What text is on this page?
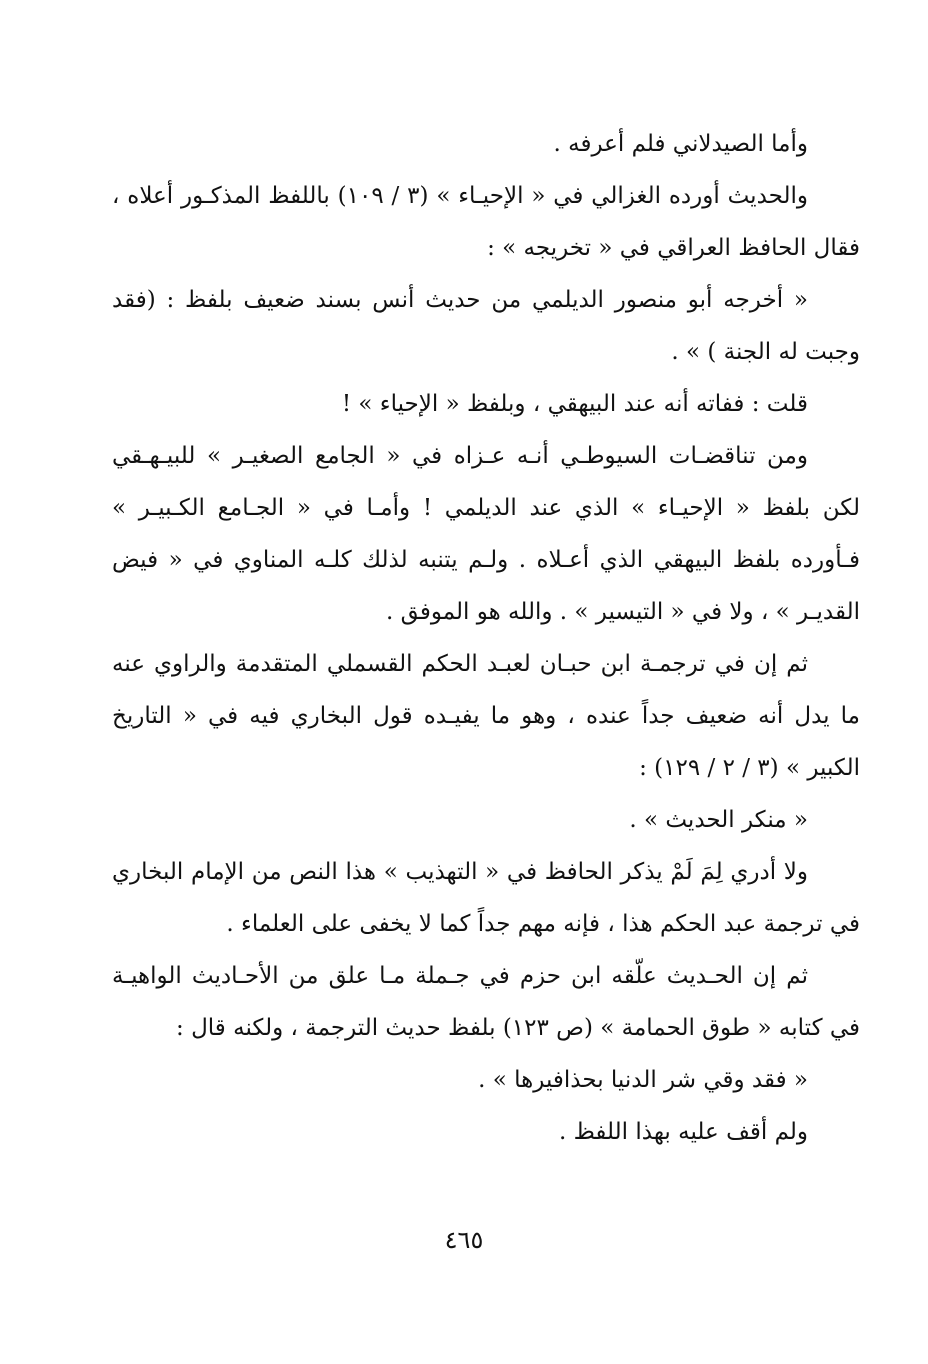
وأما الصيدلاني فلم أعرفه .

والحديث أورده الغزالي في « الإحيـاء » (٣ / ١٠٩) باللفظ المذكـور أعلاه ، فقال الحافظ العراقي في « تخريجه » :

« أخرجه أبو منصور الديلمي من حديث أنس بسند ضعيف بلفظ : (فقد وجبت له الجنة ) » .

قلت : ففاته أنه عند البيهقي ، وبلفظ « الإحياء » !

ومن تناقضـات السيوطـي أنـه عـزاه في « الجامع الصغيـر » للبيـهـقي لكن بلفظ « الإحيـاء » الذي عند الديلمي ! وأمـا في « الجـامع الكـبيـر » فـأورده بلفظ البيهقي الذي أعـلاه . ولـم يتنبه لذلك كلـه المناوي في « فيض القديـر » ، ولا في « التيسير » . والله هو الموفق .

ثم إن في ترجمـة ابن حبـان لعبـد الحكم القسملي المتقدمة والراوي عنه ما يدل أنه ضعيف جداً عنده ، وهو ما يفيـده قول البخاري فيه في « التاريخ الكبير » (٣ / ٢ / ١٢٩) :

« منكر الحديث » .

ولا أدري لِمَ لَمْ يذكر الحافظ في « التهذيب » هذا النص من الإمام البخاري في ترجمة عبد الحكم هذا ، فإنه مهم جداً كما لا يخفى على العلماء .

ثم إن الحـديث علّقه ابن حزم في جـملة مـا علق من الأحـاديث الواهيـة في كتابه « طوق الحمامة » (ص ١٢٣) بلفظ حديث الترجمة ، ولكنه قال :

« فقد وقي شر الدنيا بحذافيرها » .

ولم أقف عليه بهذا اللفظ .

٤٦٥
